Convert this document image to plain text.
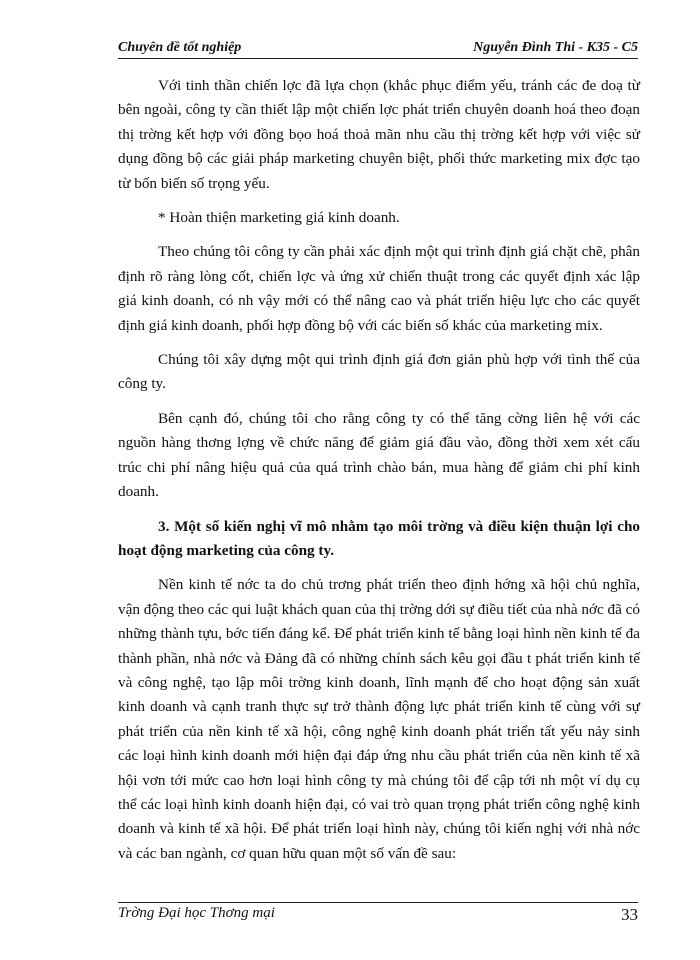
Chuyên đề tốt nghiệp	Nguyễn Đình Thi - K35 - C5

Với tinh thần chiến lợc đã lựa chọn (khắc phục điểm yếu, tránh các đe doạ từ bên ngoài, công ty cần thiết lập một chiến lợc phát triển chuyên doanh hoá theo đoạn thị trờng kết hợp với đồng bọo hoá thoả mãn nhu cầu thị trờng kết hợp với việc sử dụng đồng bộ các giải pháp marketing chuyên biệt, phối thức marketing mix đợc tạo từ bốn biến số trọng yếu.

* Hoàn thiện marketing giá kinh doanh.

Theo chúng tôi công ty cần phải xác định một qui trình định giá chặt chẽ, phân định rõ ràng lòng cốt, chiến lợc và ứng xử chiến thuật trong các quyết định xác lập giá kinh doanh, có nh vậy mới có thể nâng cao và phát triển hiệu lực cho các quyết định giá kinh doanh, phối hợp đồng bộ với các biến số khác của marketing mix.

Chúng tôi xây dựng một qui trình định giá đơn giản phù hợp với tình thế của công ty.

Bên cạnh đó, chúng tôi cho rằng công ty có thể tăng cờng liên hệ với các nguồn hàng thơng lợng về chức năng để giảm giá đầu vào, đồng thời xem xét cấu trúc chi phí nâng hiệu quả của quá trình chào bán, mua hàng để giảm chi phí kinh doanh.

3. Một số kiến nghị vĩ mô nhằm tạo môi trờng và điều kiện thuận lợi cho hoạt động marketing của công ty.

Nền kinh tế nớc ta do chủ trơng phát triển theo định hớng xã hội chủ nghĩa, vận động theo các qui luật khách quan của thị trờng dới sự điều tiết của nhà nớc đã có những thành tựu, bớc tiến đáng kể. Để phát triển kinh tế bằng loại hình nền kinh tế đa thành phần, nhà nớc và Đảng đã có những chính sách kêu gọi đầu t phát triển kinh tế và công nghệ, tạo lập môi trờng kinh doanh, lĩnh mạnh để cho hoạt động sản xuất kinh doanh và cạnh tranh thực sự trở thành động lực phát triển kinh tế cùng với sự phát triển của nền kinh tế xã hội, công nghệ kinh doanh phát triển tất yếu nảy sinh các loại hình kinh doanh mới hiện đại đáp ứng nhu cầu phát triển của nền kinh tế xã hội vơn tới mức cao hơn loại hình công ty mà chúng tôi để cập tới nh một ví dụ cụ thể các loại hình kinh doanh hiện đại, có vai trò quan trọng phát triển công nghệ kinh doanh và kinh tế xã hội. Để phát triển loại hình này, chúng tôi kiến nghị với nhà nớc và các ban ngành, cơ quan hữu quan một số vấn đề sau:

Trờng Đại học Thơng mại	33
